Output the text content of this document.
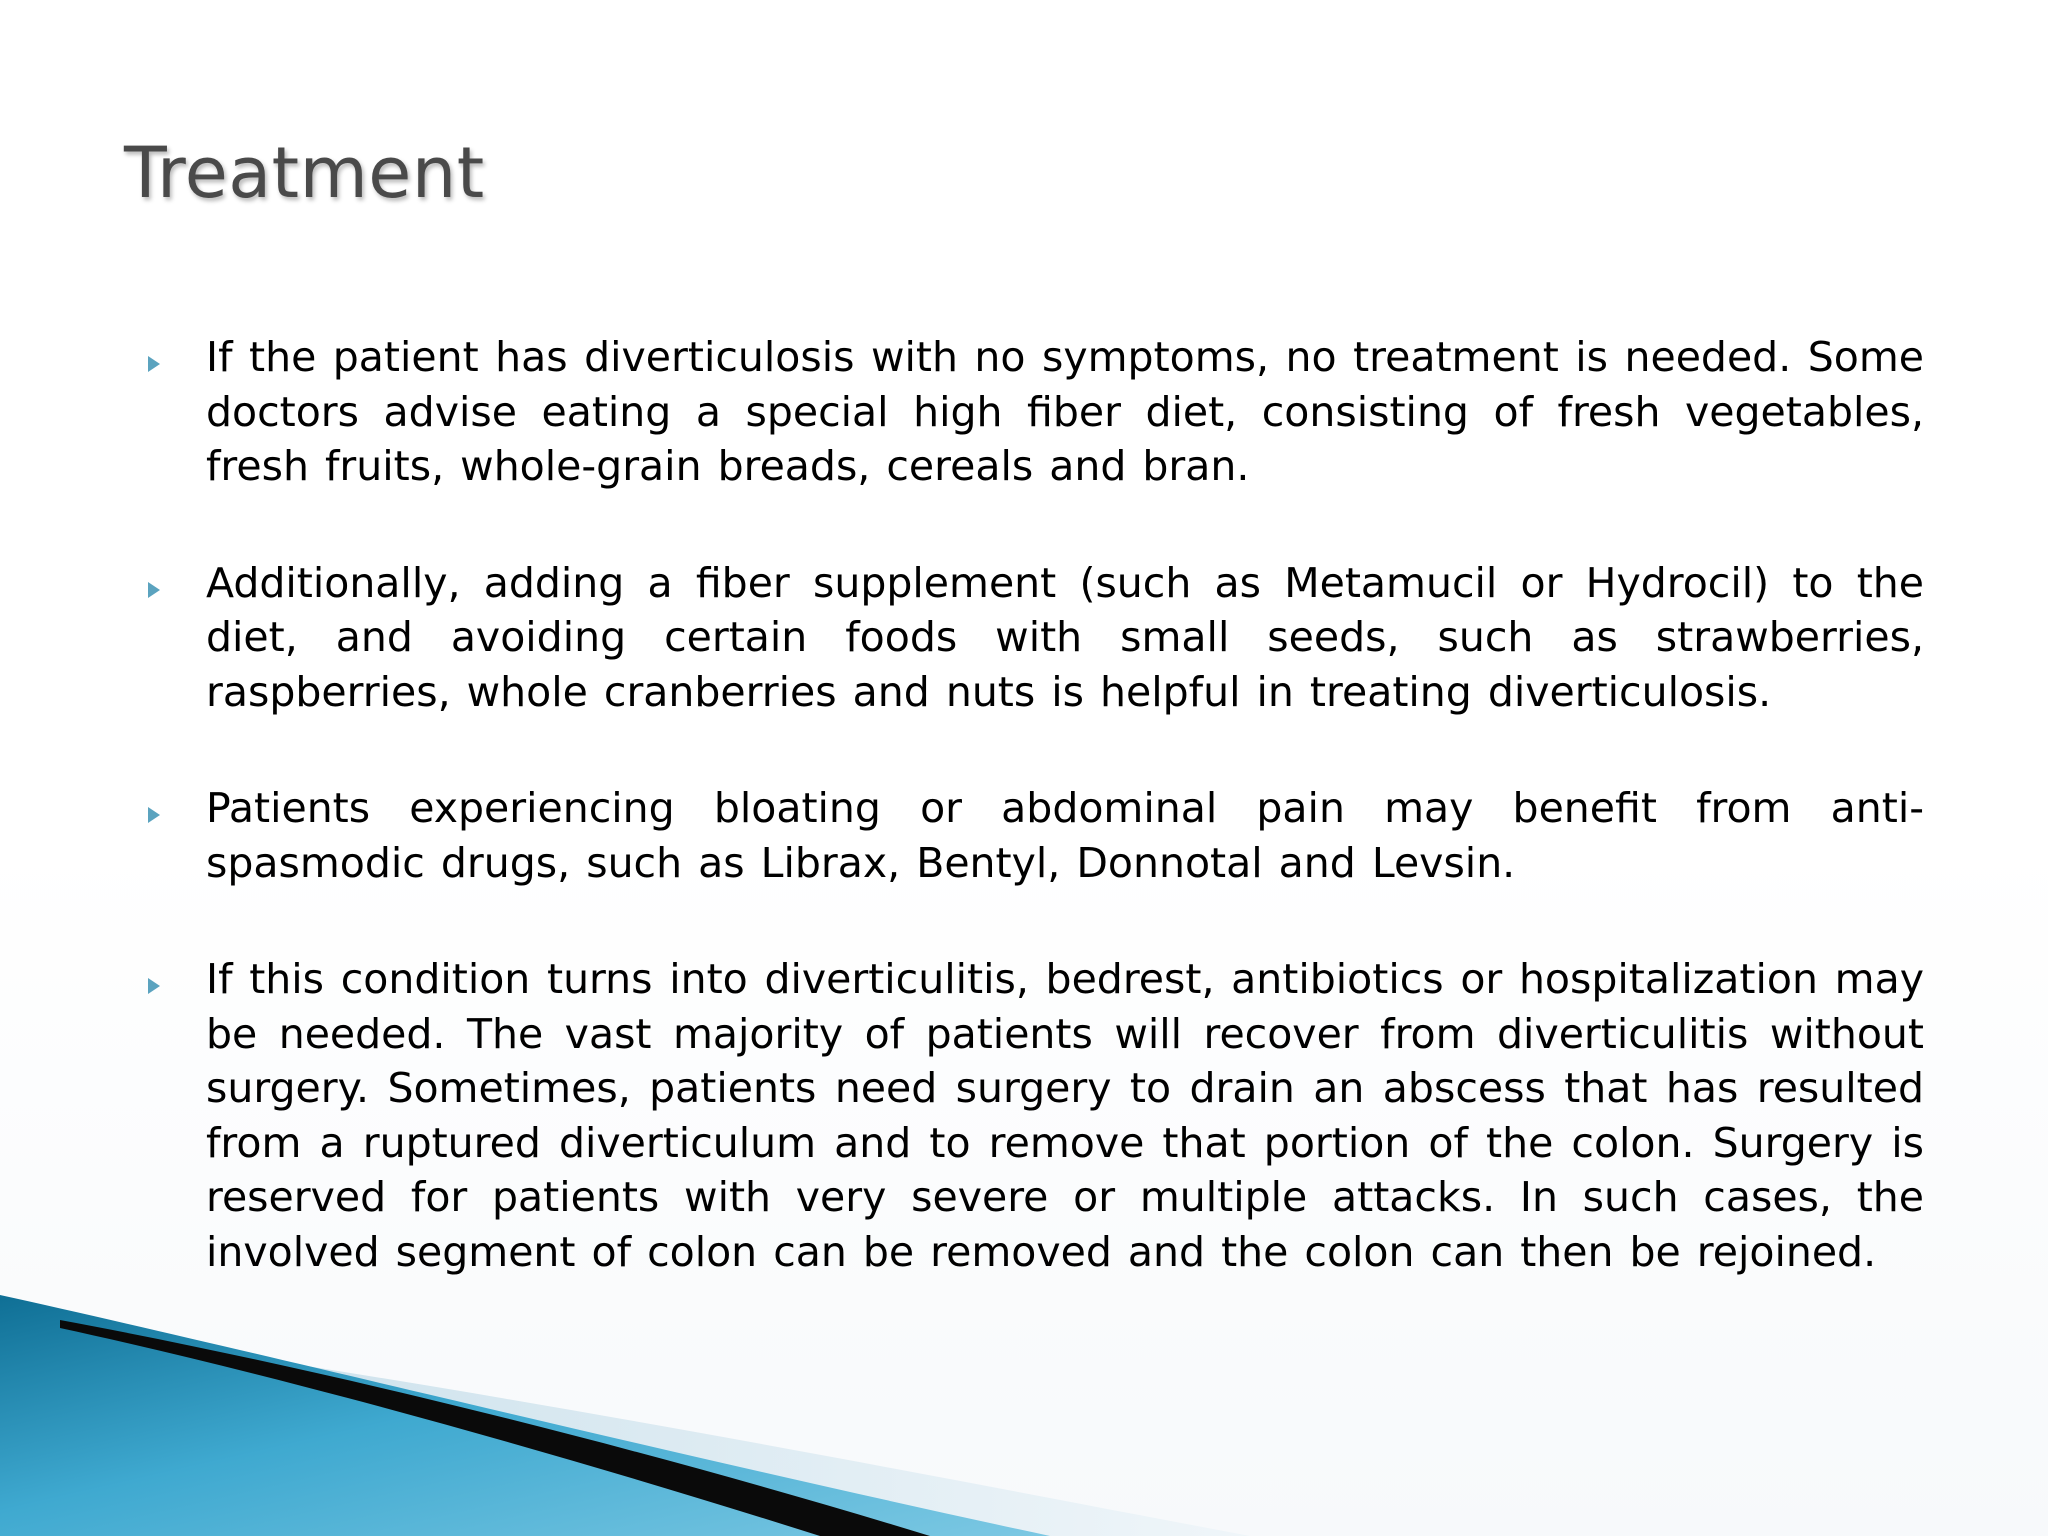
Treatment
If the patient has diverticulosis with no symptoms, no treatment is needed. Some doctors advise eating a special high fiber diet, consisting of fresh vegetables, fresh fruits, whole-grain breads, cereals and bran.
Additionally, adding a fiber supplement (such as Metamucil or Hydrocil) to the diet, and avoiding certain foods with small seeds, such as strawberries, raspberries, whole cranberries and nuts is helpful in treating diverticulosis.
Patients experiencing bloating or abdominal pain may benefit from anti-spasmodic drugs, such as Librax, Bentyl, Donnotal and Levsin.
If this condition turns into diverticulitis, bedrest, antibiotics or hospitalization may be needed. The vast majority of patients will recover from diverticulitis without surgery. Sometimes, patients need surgery to drain an abscess that has resulted from a ruptured diverticulum and to remove that portion of the colon. Surgery is reserved for patients with very severe or multiple attacks. In such cases, the involved segment of colon can be removed and the colon can then be rejoined.
